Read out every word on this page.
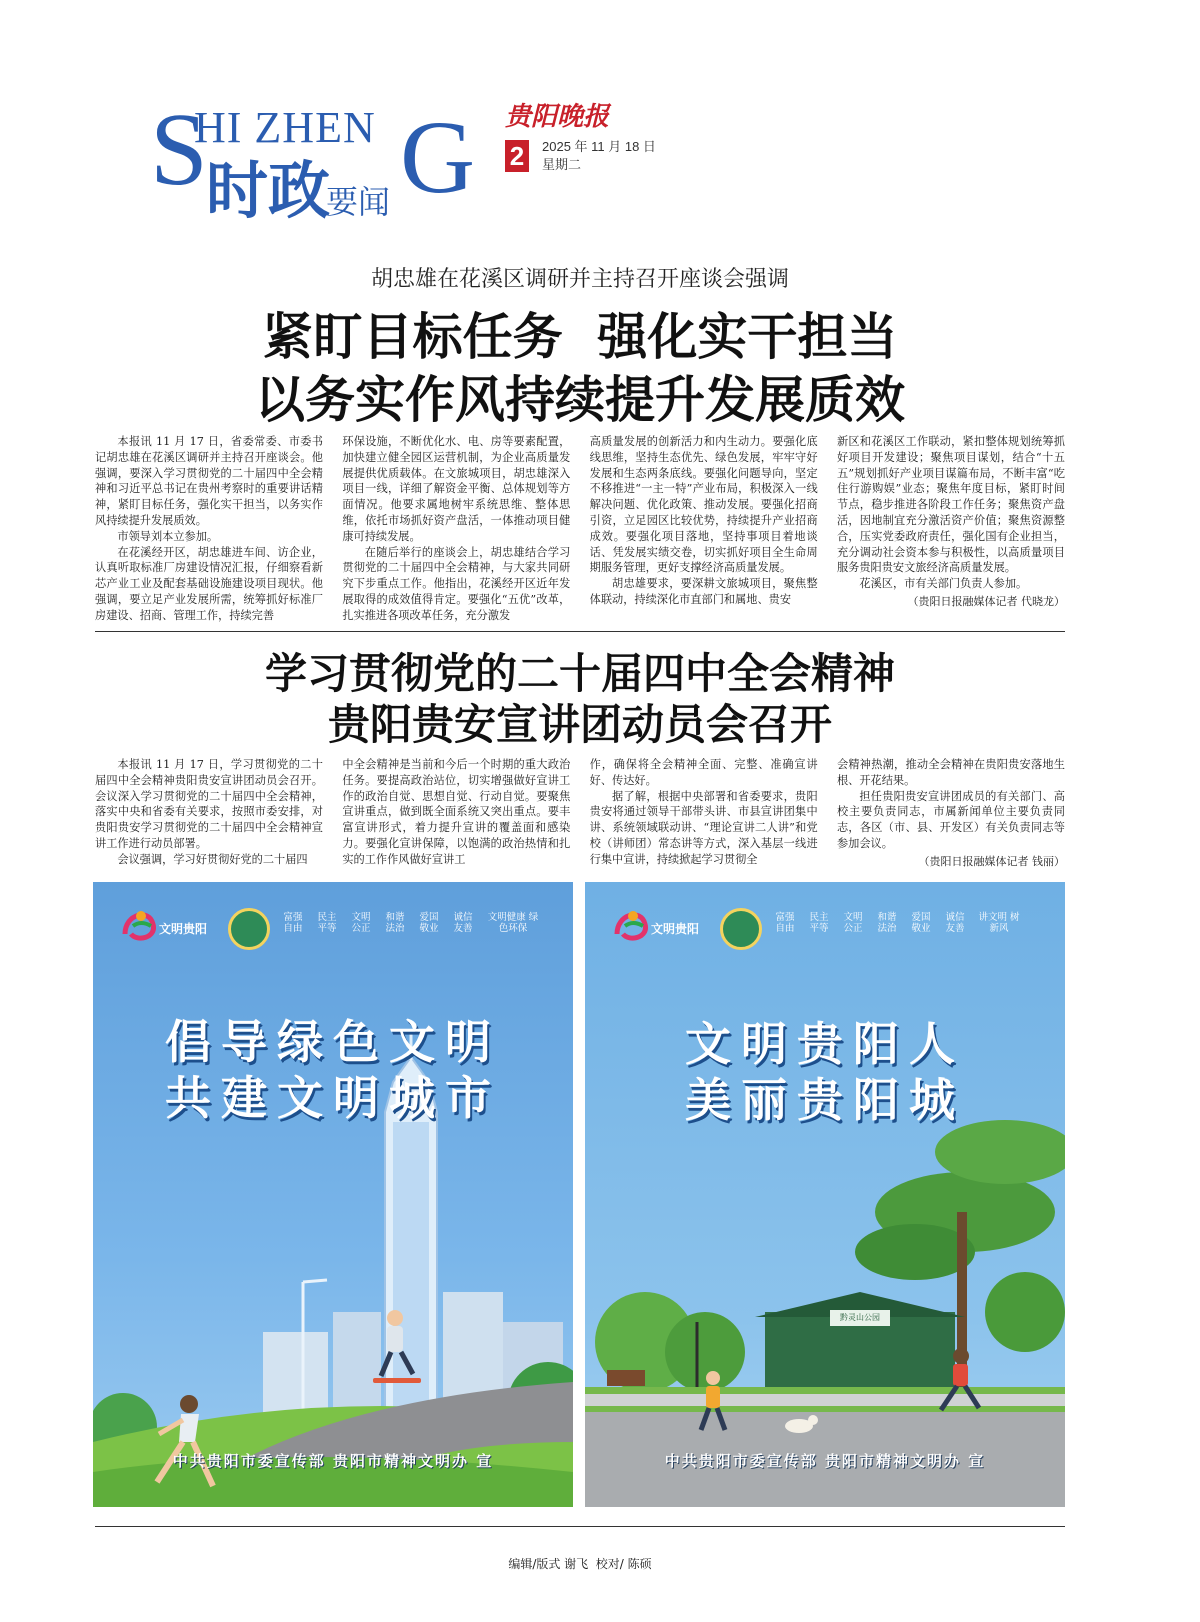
S
HI ZHEN G
时政
要闻
贵阳晚报
2	2025 年 11 月 18 日
星期二
胡忠雄在花溪区调研并主持召开座谈会强调
紧盯目标任务  强化实干担当
以务实作风持续提升发展质效

本报讯 11 月 17 日，省委常委、市委书记胡忠雄在花溪区调研并主持召开座谈会。他强调，要深入学习贯彻党的二十届四中全会精神和习近平总书记在贵州考察时的重要讲话精神，紧盯目标任务，强化实干担当，以务实作风持续提升发展质效。

市领导刘本立参加。

在花溪经开区，胡忠雄进车间、访企业，认真听取标准厂房建设情况汇报，仔细察看新芯产业工业及配套基础设施建设项目现状。他强调，要立足产业发展所需，统筹抓好标准厂房建设、招商、管理工作，持续完善

环保设施，不断优化水、电、房等要素配置，加快建立健全园区运营机制，为企业高质量发展提供优质载体。在文旅城项目，胡忠雄深入项目一线，详细了解资金平衡、总体规划等方面情况。他要求属地树牢系统思维、整体思维，依托市场抓好资产盘活，一体推动项目健康可持续发展。

在随后举行的座谈会上，胡忠雄结合学习贯彻党的二十届四中全会精神，与大家共同研究下步重点工作。他指出，花溪经开区近年发展取得的成效值得肯定。要强化“五优”改革，扎实推进各项改革任务，充分激发

高质量发展的创新活力和内生动力。要强化底线思维，坚持生态优先、绿色发展，牢牢守好发展和生态两条底线。要强化问题导向，坚定不移推进“一主一特”产业布局，积极深入一线解决问题、优化政策、推动发展。要强化招商引资，立足园区比较优势，持续提升产业招商成效。要强化项目落地，坚持事项目着地谈话、凭发展实绩交卷，切实抓好项目全生命周期服务管理，更好支撑经济高质量发展。

胡忠雄要求，要深耕文旅城项目，聚焦整体联动，持续深化市直部门和属地、贵安

新区和花溪区工作联动，紧扣整体规划统筹抓好项目开发建设；聚焦项目谋划，结合“十五五”规划抓好产业项目谋篇布局，不断丰富“吃住行游购娱”业态；聚焦年度目标，紧盯时间节点，稳步推进各阶段工作任务；聚焦资产盘活，因地制宜充分激活资产价值；聚焦资源整合，压实党委政府责任，强化国有企业担当，充分调动社会资本参与积极性，以高质量项目服务贵阳贵安文旅经济高质量发展。

花溪区，市有关部门负责人参加。

（贵阳日报融媒体记者 代晓龙）
学习贯彻党的二十届四中全会精神
贵阳贵安宣讲团动员会召开

本报讯 11 月 17 日，学习贯彻党的二十届四中全会精神贵阳贵安宣讲团动员会召开。会议深入学习贯彻党的二十届四中全会精神，落实中央和省委有关要求，按照市委安排，对贵阳贵安学习贯彻党的二十届四中全会精神宣讲工作进行动员部署。

会议强调，学习好贯彻好党的二十届四

中全会精神是当前和今后一个时期的重大政治任务。要提高政治站位，切实增强做好宣讲工作的政治自觉、思想自觉、行动自觉。要聚焦宣讲重点，做到既全面系统又突出重点。要丰富宣讲形式，着力提升宣讲的覆盖面和感染力。要强化宣讲保障，以饱满的政治热情和扎实的工作作风做好宣讲工

作，确保将全会精神全面、完整、准确宣讲好、传达好。

据了解，根据中央部署和省委要求，贵阳贵安将通过领导干部带头讲、市县宣讲团集中讲、系统领域联动讲、“理论宣讲二人讲”和党校（讲师团）常态讲等方式，深入基层一线进行集中宣讲，持续掀起学习贯彻全

会精神热潮，推动全会精神在贵阳贵安落地生根、开花结果。

担任贵阳贵安宣讲团成员的有关部门、高校主要负责同志，市属新闻单位主要负责同志，各区（市、县、开发区）有关负责同志等参加会议。

（贵阳日报融媒体记者 钱丽）
文明贵阳
富强
自由
民主
平等
文明
公正
和谐
法治
爱国
敬业
诚信
友善
文明健康 绿色环保
倡导绿色文明
共建文明城市
中共贵阳市委宣传部 贵阳市精神文明办 宣
黔灵山公园
文明贵阳
富强
自由
民主
平等
文明
公正
和谐
法治
爱国
敬业
诚信
友善
讲文明 树新风
文明贵阳人
美丽贵阳城
中共贵阳市委宣传部 贵阳市精神文明办 宣
编辑/版式 谢飞  校对/ 陈硕
